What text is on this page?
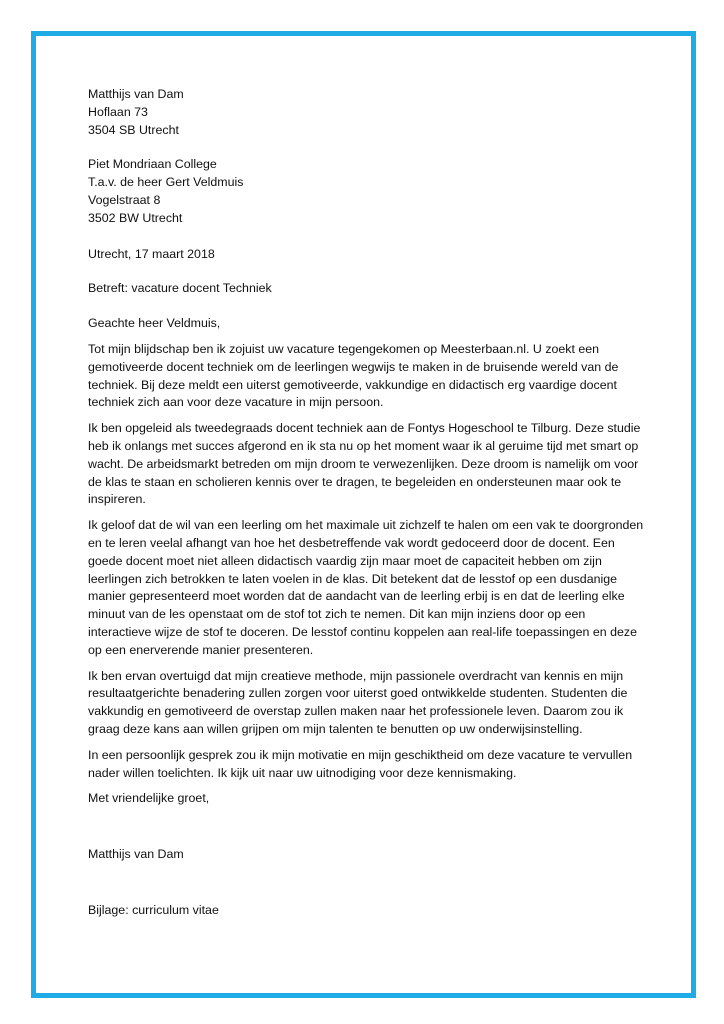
Matthijs van Dam
Hoflaan 73
3504 SB Utrecht
Piet Mondriaan College
T.a.v. de heer Gert Veldmuis
Vogelstraat 8
3502 BW Utrecht
Utrecht, 17 maart 2018
Betreft: vacature docent Techniek
Geachte heer Veldmuis,

Tot mijn blijdschap ben ik zojuist uw vacature tegengekomen op Meesterbaan.nl. U zoekt een gemotiveerde docent techniek om de leerlingen wegwijs te maken in de bruisende wereld van de techniek. Bij deze meldt een uiterst gemotiveerde, vakkundige en didactisch erg vaardige docent techniek zich aan voor deze vacature in mijn persoon.

Ik ben opgeleid als tweedegraads docent techniek aan de Fontys Hogeschool te Tilburg. Deze studie heb ik onlangs met succes afgerond en ik sta nu op het moment waar ik al geruime tijd met smart op wacht. De arbeidsmarkt betreden om mijn droom te verwezenlijken. Deze droom is namelijk om voor de klas te staan en scholieren kennis over te dragen, te begeleiden en ondersteunen maar ook te inspireren.

Ik geloof dat de wil van een leerling om het maximale uit zichzelf te halen om een vak te doorgronden en te leren veelal afhangt van hoe het desbetreffende vak wordt gedoceerd door de docent. Een goede docent moet niet alleen didactisch vaardig zijn maar moet de capaciteit hebben om zijn leerlingen zich betrokken te laten voelen in de klas. Dit betekent dat de lesstof op een dusdanige manier gepresenteerd moet worden dat de aandacht van de leerling erbij is en dat de leerling elke minuut van de les openstaat om de stof tot zich te nemen. Dit kan mijn inziens door op een interactieve wijze de stof te doceren. De lesstof continu koppelen aan real-life toepassingen en deze op een enerverende manier presenteren.

Ik ben ervan overtuigd dat mijn creatieve methode, mijn passionele overdracht van kennis en mijn resultaatgerichte benadering zullen zorgen voor uiterst goed ontwikkelde studenten. Studenten die vakkundig en gemotiveerd de overstap zullen maken naar het professionele leven. Daarom zou ik graag deze kans aan willen grijpen om mijn talenten te benutten op uw onderwijsinstelling.

In een persoonlijk gesprek zou ik mijn motivatie en mijn geschiktheid om deze vacature te vervullen nader willen toelichten. Ik kijk uit naar uw uitnodiging voor deze kennismaking.

Met vriendelijke groet,
Matthijs van Dam
Bijlage: curriculum vitae
